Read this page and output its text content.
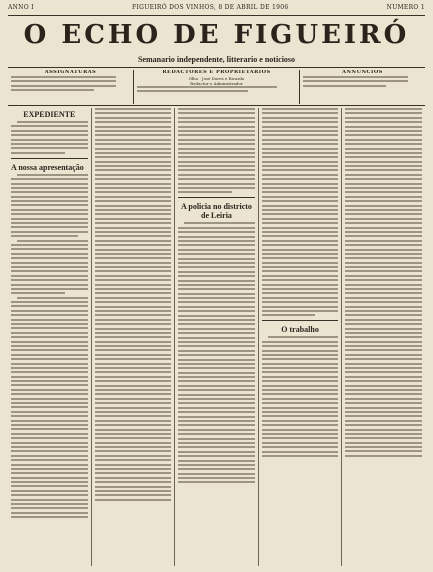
ANNO I	FIGUEIRÓ DOS VINHOS, 8 DE ABRIL DE 1906	NUMERO 1
O ECHO DE FIGUEIRÓ
Semanario independente, litterario e noticioso
ASSIGNATURAS	REDACTORES E PROPRIETARIOS
Olho · José Dores e Ricardo
Redactor e Administrador
ANNUNCIOS
EXPEDIENTE
A nossa apresentação
A policia no districto de Leiria
O trabalho
